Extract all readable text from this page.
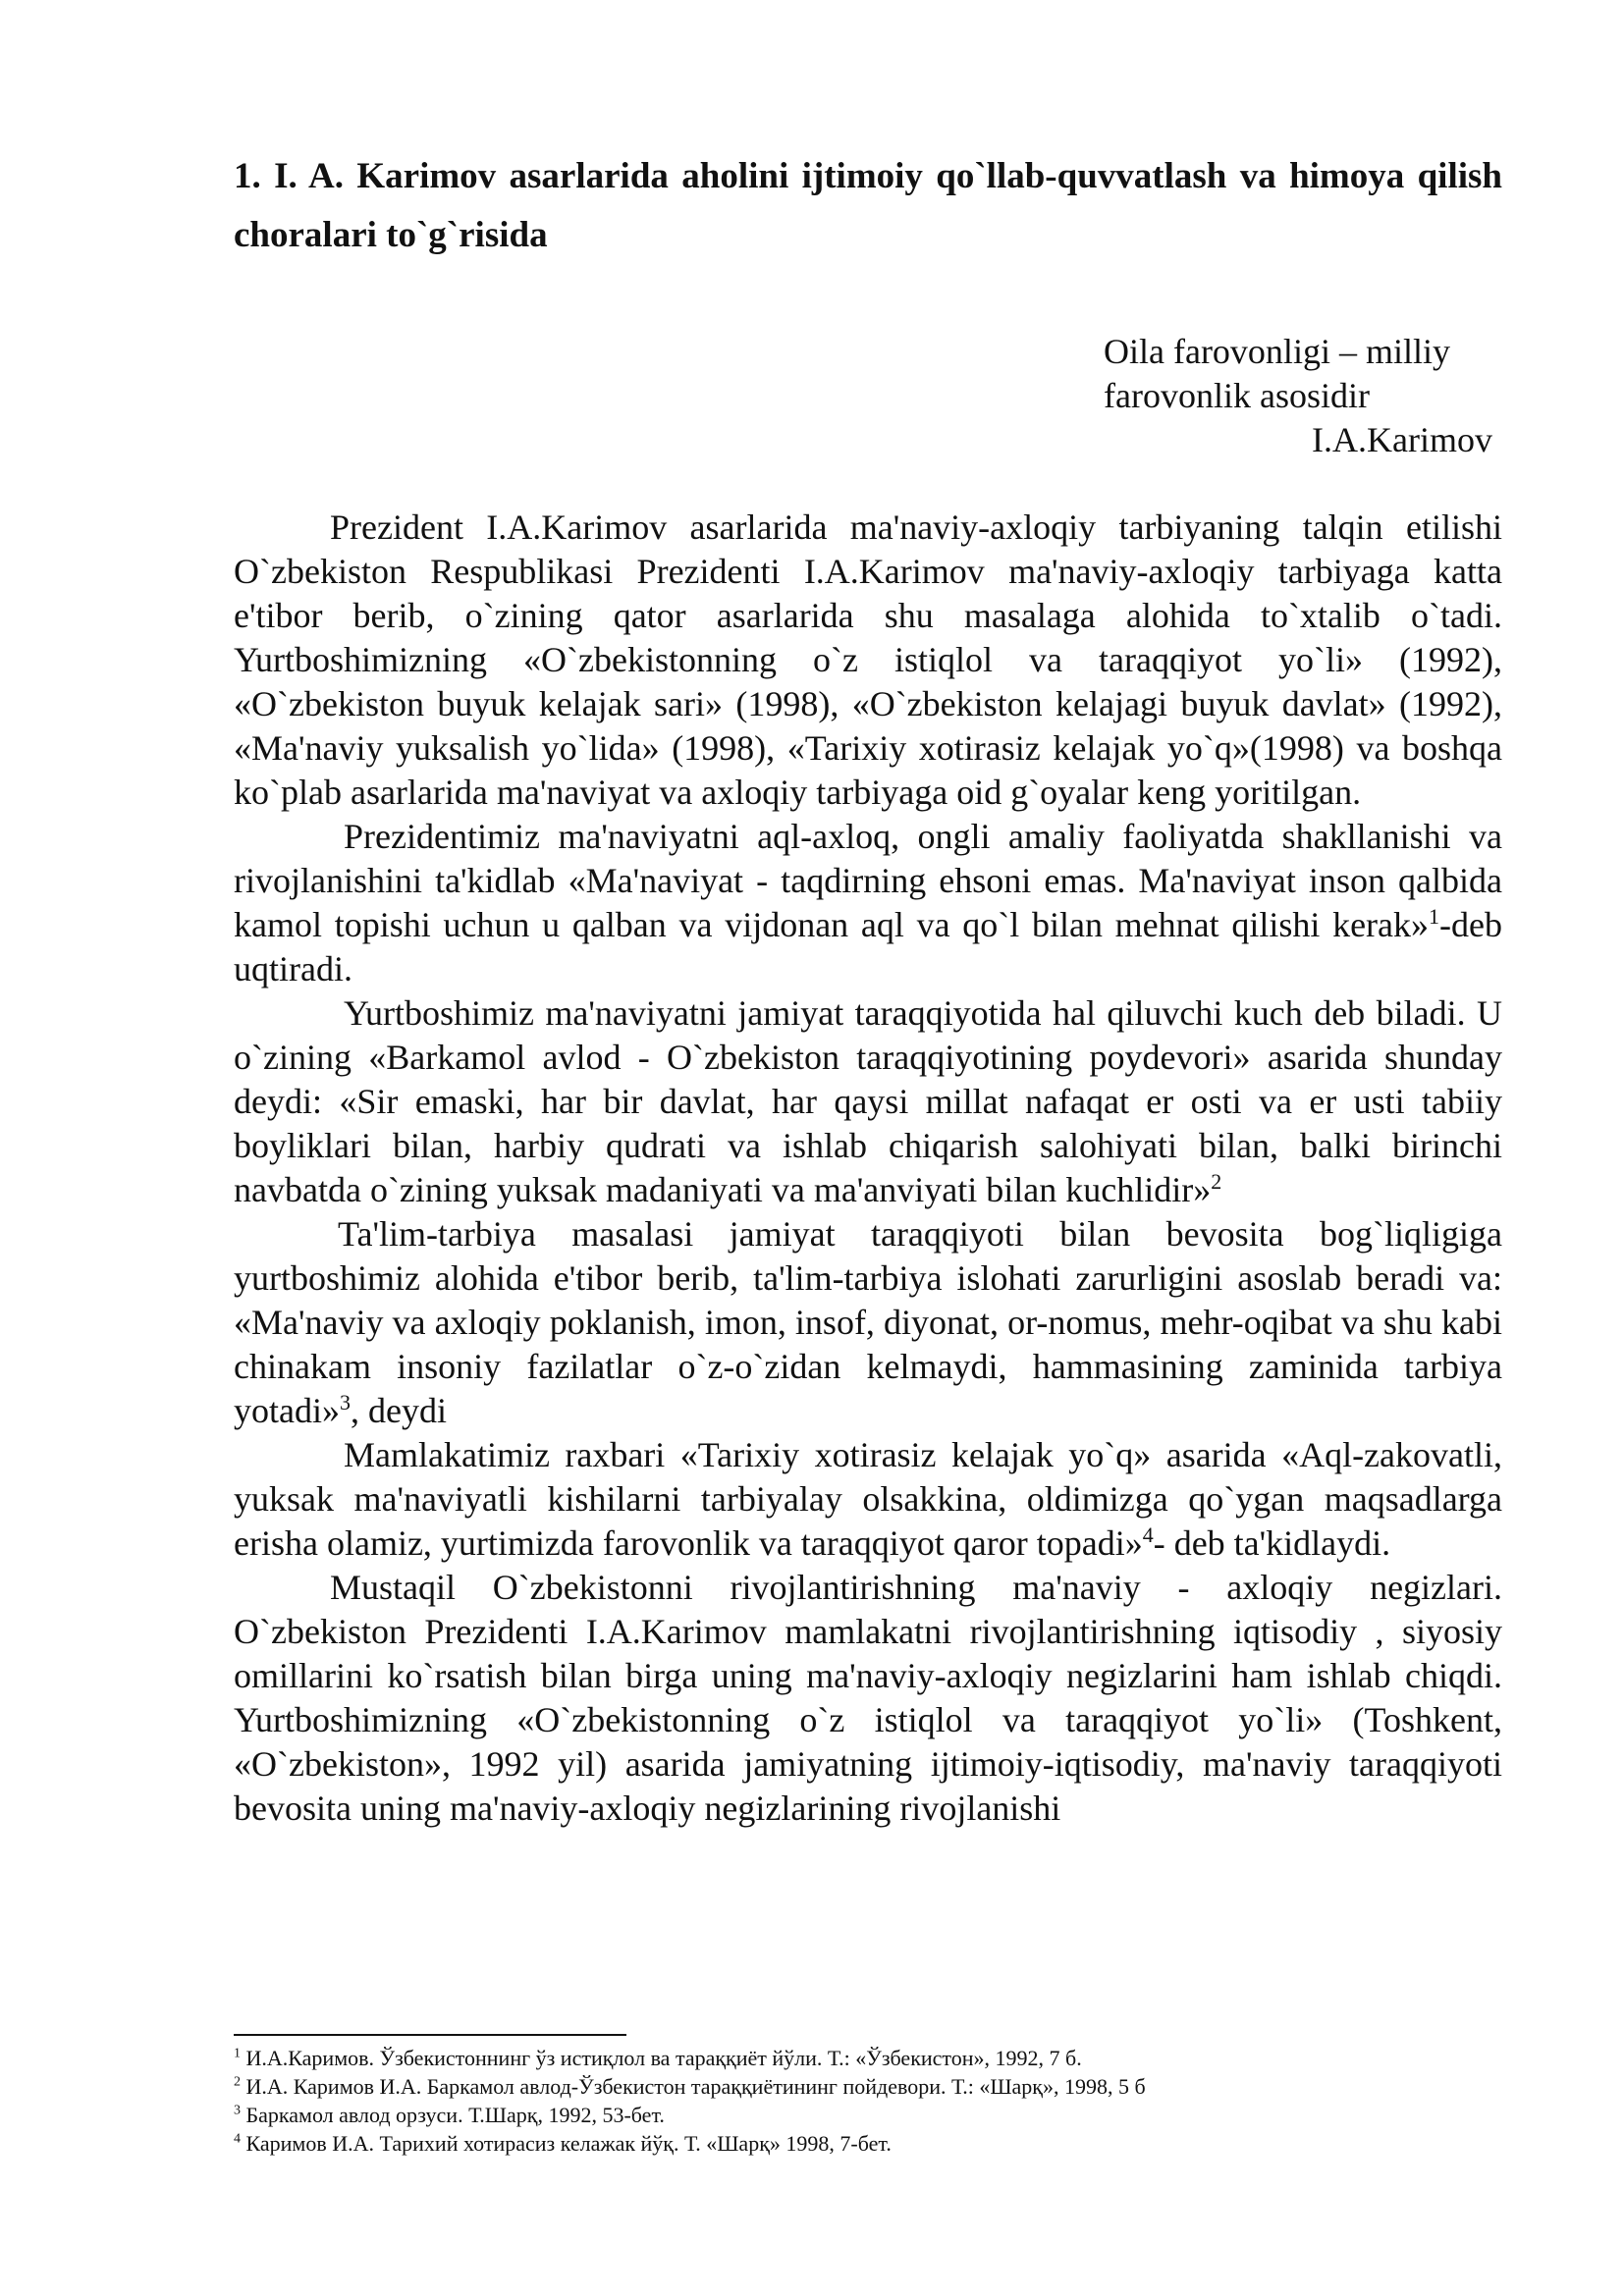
1. I. A. Karimov asarlarida aholini ijtimoiy qo`llab-quvvatlash va himoya qilish choralari to`g`risida
Oila farovonligi – milliy
farovonlik asosidir
I.A.Karimov

Prezident I.A.Karimov asarlarida ma'naviy-axloqiy tarbiyaning talqin etilishi O`zbekiston Respublikasi Prezidenti I.A.Karimov ma'naviy-axloqiy tarbiyaga katta e'tibor berib, o`zining qator asarlarida shu masalaga alohida to`xtalib o`tadi. Yurtboshimizning «O`zbekistonning o`z istiqlol va taraqqiyot yo`li» (1992), «O`zbekiston buyuk kelajak sari» (1998), «O`zbekiston kelajagi buyuk davlat» (1992), «Ma'naviy yuksalish yo`lida» (1998), «Tarixiy xotirasiz kelajak yo`q»(1998) va boshqa ko`plab asarlarida ma'naviyat va axloqiy tarbiyaga oid g`oyalar keng yoritilgan.

Prezidentimiz ma'naviyatni aql-axloq, ongli amaliy faoliyatda shakllanishi va rivojlanishini ta'kidlab «Ma'naviyat - taqdirning ehsoni emas. Ma'naviyat inson qalbida kamol topishi uchun u qalban va vijdonan aql va qo`l bilan mehnat qilishi kerak»$^1$-deb uqtiradi.

Yurtboshimiz ma'naviyatni jamiyat taraqqiyotida hal qiluvchi kuch deb biladi. U o`zining «Barkamol avlod - O`zbekiston taraqqiyotining poydevori» asarida shunday deydi: «Sir emaski, har bir davlat, har qaysi millat nafaqat er osti va er usti tabiiy boyliklari bilan, harbiy qudrati va ishlab chiqarish salohiyati bilan, balki birinchi navbatda o`zining yuksak madaniyati va ma'anviyati bilan kuchlidir»$^2$

Ta'lim-tarbiya masalasi jamiyat taraqqiyoti bilan bevosita bog`liqligiga yurtboshimiz alohida e'tibor berib, ta'lim-tarbiya islohati zarurligini asoslab beradi va: «Ma'naviy va axloqiy poklanish, imon, insof, diyonat, or-nomus, mehr-oqibat va shu kabi chinakam insoniy fazilatlar o`z-o`zidan kelmaydi, hammasining zaminida tarbiya yotadi»$^3$, deydi

Mamlakatimiz raxbari «Tarixiy xotirasiz kelajak yo`q» asarida «Aql-zakovatli, yuksak ma'naviyatli kishilarni tarbiyalay olsakkina, oldimizga qo`ygan maqsadlarga erisha olamiz, yurtimizda farovonlik va taraqqiyot qaror topadi»$^4$- deb ta'kidlaydi.

Mustaqil O`zbekistonni rivojlantirishning ma'naviy - axloqiy negizlari. O`zbekiston Prezidenti I.A.Karimov mamlakatni rivojlantirishning iqtisodiy , siyosiy omillarini ko`rsatish bilan birga uning ma'naviy-axloqiy negizlarini ham ishlab chiqdi. Yurtboshimizning «O`zbekistonning o`z istiqlol va taraqqiyot yo`li» (Toshkent, «O`zbekiston», 1992 yil) asarida jamiyatning ijtimoiy-iqtisodiy, ma'naviy taraqqiyoti bevosita uning ma'naviy-axloqiy negizlarining rivojlanishi

$^1$ И.А.Каримов. Ўзбекистоннинг ўз истиқлол ва тараққиёт йўли. Т.: «Ўзбекистон», 1992, 7 б.
$^2$ И.А. Каримов И.А. Баркамол авлод-Ўзбекистон тараққиётининг пойдевори. Т.: «Шарқ», 1998, 5 б
$^3$ Баркамол авлод орзуси. Т.Шарқ, 1992, 53-бет.
$^4$ Каримов И.А. Тарихий хотирасиз келажак йўқ. Т. «Шарқ» 1998, 7-бет.
